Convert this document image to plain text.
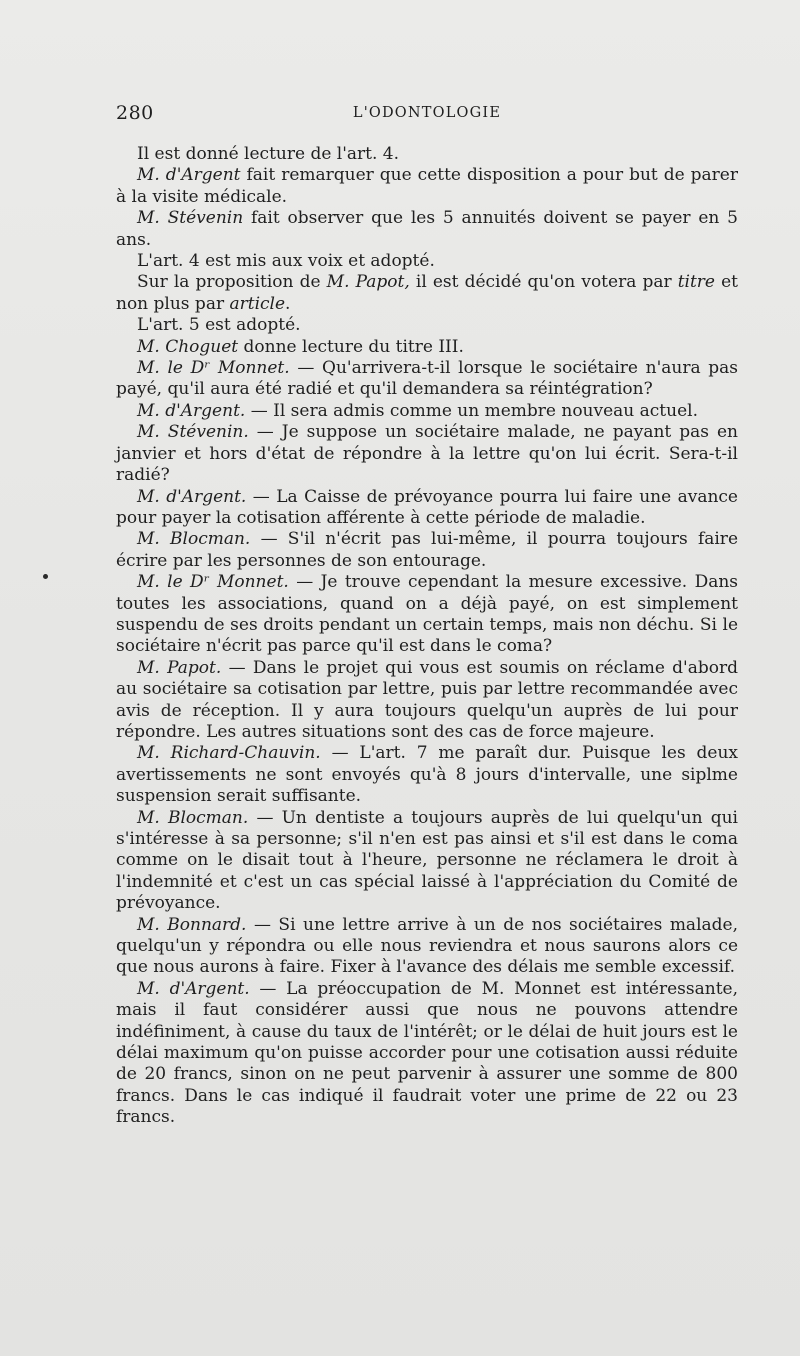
280	L'ODONTOLOGIE

Il est donné lecture de l'art. 4.

M. d'Argent fait remarquer que cette disposition a pour but de parer à la visite médicale.

M. Stévenin fait observer que les 5 annuités doivent se payer en 5 ans.

L'art. 4 est mis aux voix et adopté.

Sur la proposition de M. Papot, il est décidé qu'on votera par titre et non plus par article.

L'art. 5 est adopté.

M. Choguet donne lecture du titre III.

M. le Dʳ Monnet. — Qu'arrivera-t-il lorsque le sociétaire n'aura pas payé, qu'il aura été radié et qu'il demandera sa réintégration?

M. d'Argent. — Il sera admis comme un membre nouveau actuel.

M. Stévenin. — Je suppose un sociétaire malade, ne payant pas en janvier et hors d'état de répondre à la lettre qu'on lui écrit. Sera-t-il radié?

M. d'Argent. — La Caisse de prévoyance pourra lui faire une avance pour payer la cotisation afférente à cette période de maladie.

M. Blocman. — S'il n'écrit pas lui-même, il pourra toujours faire écrire par les personnes de son entourage.

M. le Dʳ Monnet. — Je trouve cependant la mesure excessive. Dans toutes les associations, quand on a déjà payé, on est simplement suspendu de ses droits pendant un certain temps, mais non déchu. Si le sociétaire n'écrit pas parce qu'il est dans le coma?

M. Papot. — Dans le projet qui vous est soumis on réclame d'abord au sociétaire sa cotisation par lettre, puis par lettre recommandée avec avis de réception. Il y aura toujours quelqu'un auprès de lui pour répondre. Les autres situations sont des cas de force majeure.

M. Richard-Chauvin. — L'art. 7 me paraît dur. Puisque les deux avertissements ne sont envoyés qu'à 8 jours d'intervalle, une siplme suspension serait suffisante.

M. Blocman. — Un dentiste a toujours auprès de lui quelqu'un qui s'intéresse à sa personne; s'il n'en est pas ainsi et s'il est dans le coma comme on le disait tout à l'heure, personne ne réclamera le droit à l'indemnité et c'est un cas spécial laissé à l'appréciation du Comité de prévoyance.

M. Bonnard. — Si une lettre arrive à un de nos sociétaires malade, quelqu'un y répondra ou elle nous reviendra et nous saurons alors ce que nous aurons à faire. Fixer à l'avance des délais me semble excessif.

M. d'Argent. — La préoccupation de M. Monnet est intéressante, mais il faut considérer aussi que nous ne pouvons attendre indéfiniment, à cause du taux de l'intérêt; or le délai de huit jours est le délai maximum qu'on puisse accorder pour une cotisation aussi réduite de 20 francs, sinon on ne peut parvenir à assurer une somme de 800 francs. Dans le cas indiqué il faudrait voter une prime de 22 ou 23 francs.
